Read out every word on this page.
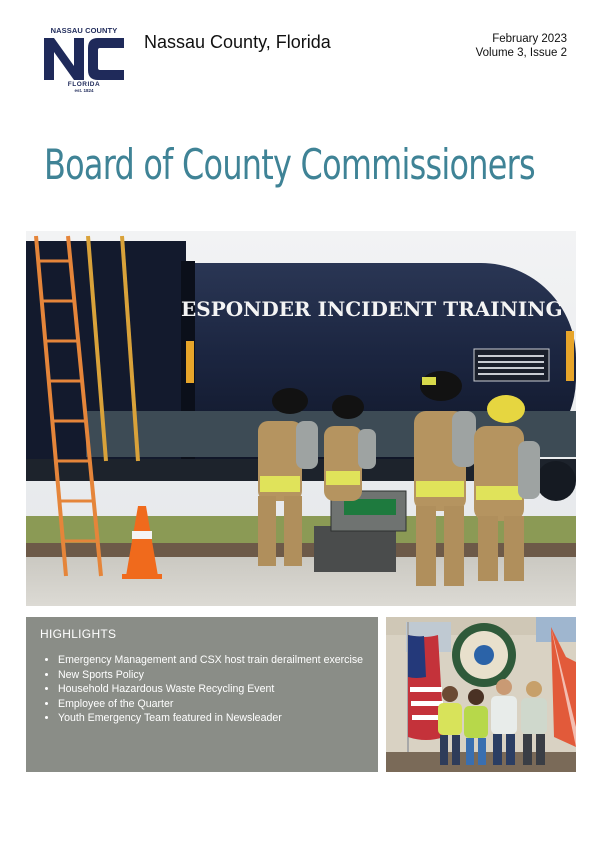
NASSAU COUNTY
FLORIDA
est. 1824
Nassau County, Florida	February 2023
Volume 3, Issue 2
Board of County Commissioners
ESPONDER INCIDENT TRAINING
HIGHLIGHTS
• Emergency Management and CSX host train derailment exercise
• New Sports Policy
• Household Hazardous Waste Recycling Event
• Employee of the Quarter
• Youth Emergency Team featured in Newsleader
